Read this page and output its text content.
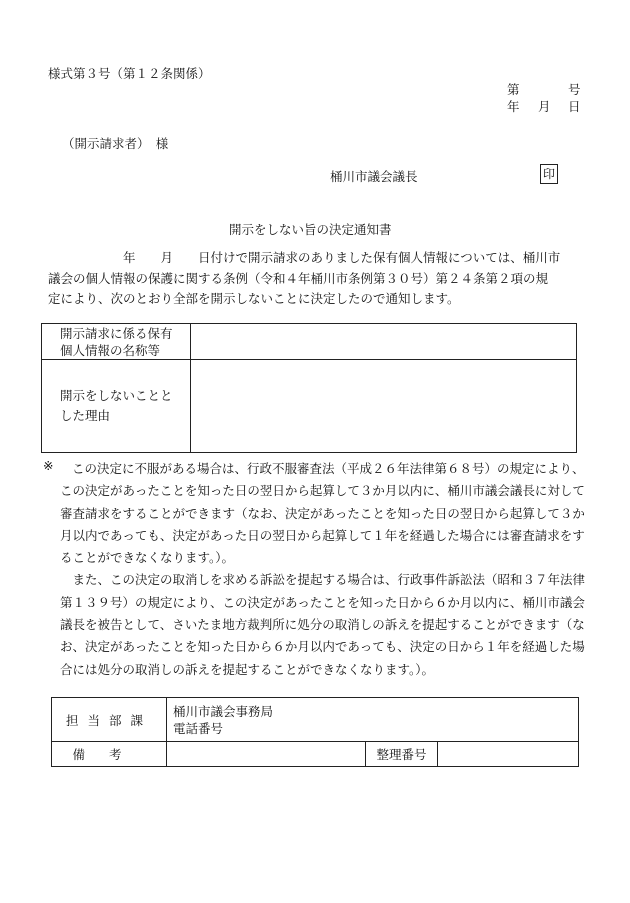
様式第３号（第１２条関係）
第	号
年 月 日
（開示請求者）　様
桶川市議会議長	印
開示をしない旨の決定通知書

　　年　　月　　日付けで開示請求のありました保有個人情報については、桶川市

議会の個人情報の保護に関する条例（令和４年桶川市条例第３０号）第２４条第２項の規

定により、次のとおり全部を開示しないことに決定したので通知します。

開示請求に係る保有
個人情報の名称等	

開示をしないことと
した理由	

※	この決定に不服がある場合は、行政不服審査法（平成２６年法律第６８号）の規定により、

この決定があったことを知った日の翌日から起算して３か月以内に、桶川市議会議長に対して

審査請求をすることができます（なお、決定があったことを知った日の翌日から起算して３か

月以内であっても、決定があった日の翌日から起算して１年を経過した場合には審査請求をす

ることができなくなります。）。

　また、この決定の取消しを求める訴訟を提起する場合は、行政事件訴訟法（昭和３７年法律

第１３９号）の規定により、この決定があったことを知った日から６か月以内に、桶川市議会

議長を被告として、さいたま地方裁判所に処分の取消しの訴えを提起することができます（な

お、決定があったことを知った日から６か月以内であっても、決定の日から１年を経過した場

合には処分の取消しの訴えを提起することができなくなります。）。

担当部課	桶川市議会事務局
電話番号		

備考		整理番号	
